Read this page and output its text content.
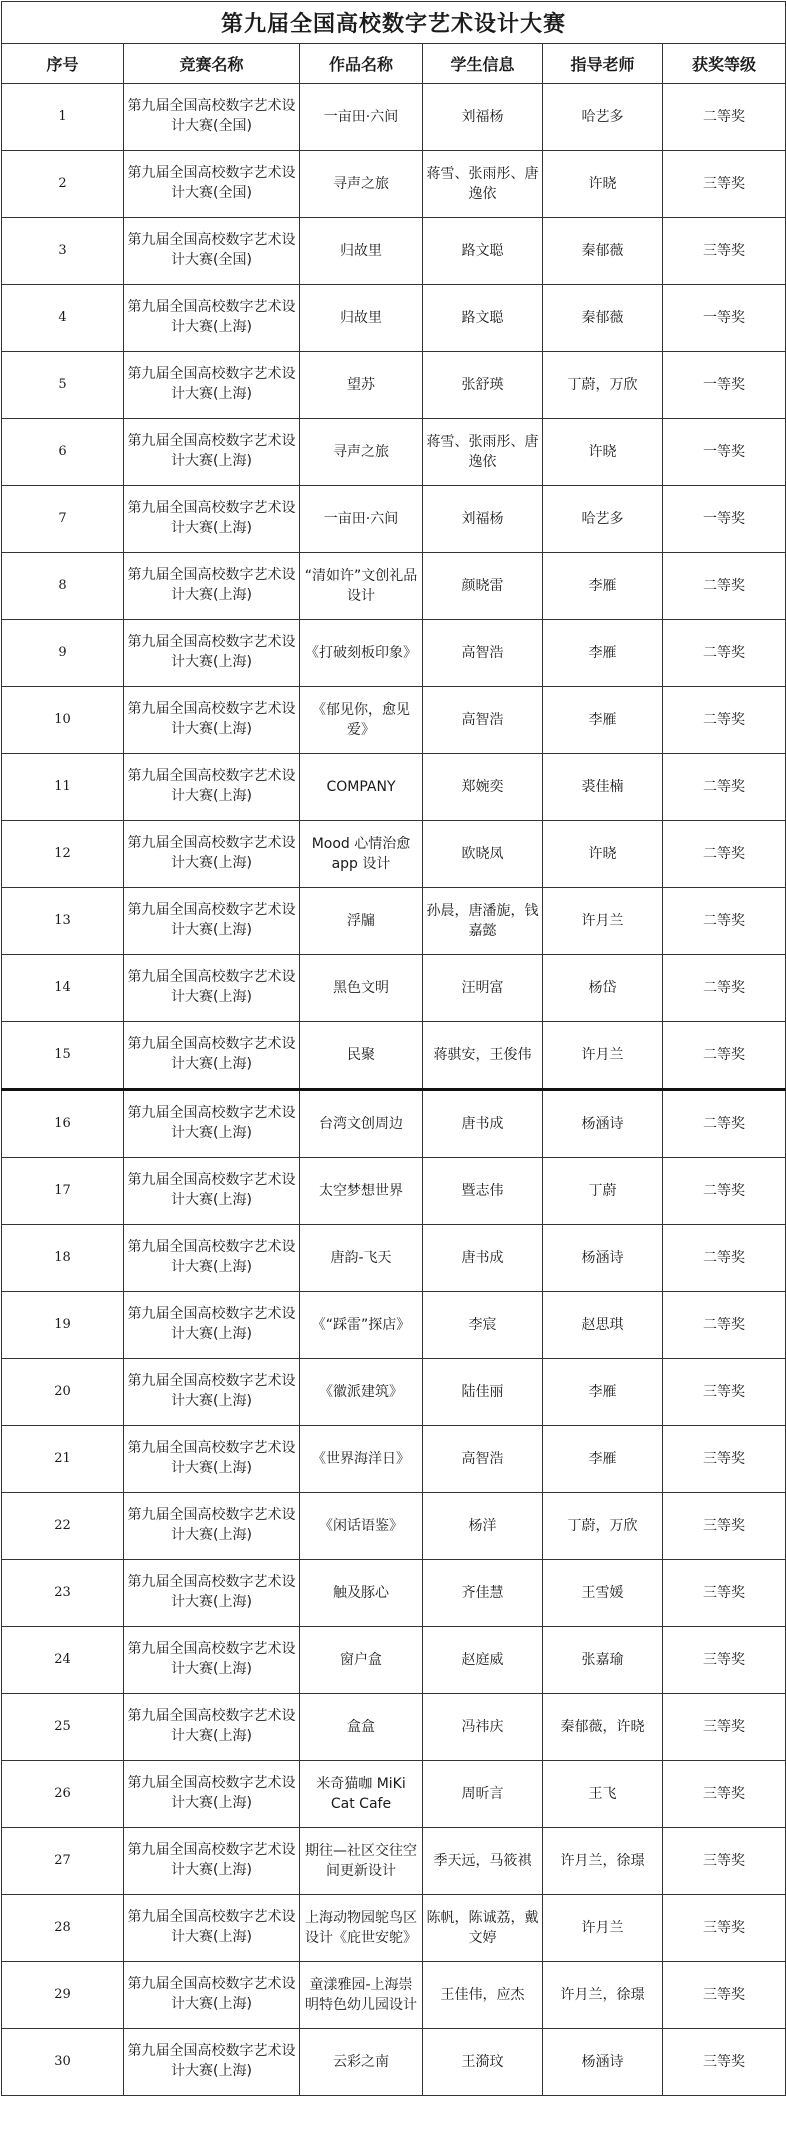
第九届全国高校数字艺术设计大赛					
序号	竞赛名称	作品名称	学生信息	指导老师	获奖等级
1	第九届全国高校数字艺术设计大赛(全国)	一亩田·六间	刘福杨	哈艺多	二等奖
2	第九届全国高校数字艺术设计大赛(全国)	寻声之旅	蒋雪、张雨彤、唐逸依	许晓	三等奖
3	第九届全国高校数字艺术设计大赛(全国)	归故里	路文聪	秦郁薇	三等奖
4	第九届全国高校数字艺术设计大赛(上海)	归故里	路文聪	秦郁薇	一等奖
5	第九届全国高校数字艺术设计大赛(上海)	望苏	张舒瑛	丁蔚，万欣	一等奖
6	第九届全国高校数字艺术设计大赛(上海)	寻声之旅	蒋雪、张雨彤、唐逸依	许晓	一等奖
7	第九届全国高校数字艺术设计大赛(上海)	一亩田·六间	刘福杨	哈艺多	一等奖
8	第九届全国高校数字艺术设计大赛(上海)	“清如许”文创礼品设计	颜晓雷	李雁	二等奖
9	第九届全国高校数字艺术设计大赛(上海)	《打破刻板印象》	高智浩	李雁	二等奖
10	第九届全国高校数字艺术设计大赛(上海)	《郁见你，愈见爱》	高智浩	李雁	二等奖
11	第九届全国高校数字艺术设计大赛(上海)	COMPANY	郑婉奕	裘佳楠	二等奖
12	第九届全国高校数字艺术设计大赛(上海)	Mood 心情治愈 app 设计	欧晓凤	许晓	二等奖
13	第九届全国高校数字艺术设计大赛(上海)	浮牖	孙晨，唐潘旎，钱嘉懿	许月兰	二等奖
14	第九届全国高校数字艺术设计大赛(上海)	黑色文明	汪明富	杨岱	二等奖
15	第九届全国高校数字艺术设计大赛(上海)	民聚	蒋骐安，王俊伟	许月兰	二等奖
16	第九届全国高校数字艺术设计大赛(上海)	台湾文创周边	唐书成	杨涵诗	二等奖
17	第九届全国高校数字艺术设计大赛(上海)	太空梦想世界	暨志伟	丁蔚	二等奖
18	第九届全国高校数字艺术设计大赛(上海)	唐韵-飞天	唐书成	杨涵诗	二等奖
19	第九届全国高校数字艺术设计大赛(上海)	《“踩雷”探店》	李宸	赵思琪	二等奖
20	第九届全国高校数字艺术设计大赛(上海)	《徽派建筑》	陆佳丽	李雁	三等奖
21	第九届全国高校数字艺术设计大赛(上海)	《世界海洋日》	高智浩	李雁	三等奖
22	第九届全国高校数字艺术设计大赛(上海)	《闲话语鉴》	杨洋	丁蔚，万欣	三等奖
23	第九届全国高校数字艺术设计大赛(上海)	触及豚心	齐佳慧	王雪媛	三等奖
24	第九届全国高校数字艺术设计大赛(上海)	窗户盒	赵庭威	张嘉瑜	三等奖
25	第九届全国高校数字艺术设计大赛(上海)	盒盒	冯祎庆	秦郁薇，许晓	三等奖
26	第九届全国高校数字艺术设计大赛(上海)	米奇猫咖 MiKi Cat Cafe	周昕言	王飞	三等奖
27	第九届全国高校数字艺术设计大赛(上海)	期往—社区交往空间更新设计	季天远，马筱祺	许月兰，徐璟	三等奖
28	第九届全国高校数字艺术设计大赛(上海)	上海动物园鸵鸟区设计《庇世安鸵》	陈帆，陈诚荔，戴文婷	许月兰	三等奖
29	第九届全国高校数字艺术设计大赛(上海)	童漾雅园-上海崇明特色幼儿园设计	王佳伟，应杰	许月兰，徐璟	三等奖
30	第九届全国高校数字艺术设计大赛(上海)	云彩之南	王漪玟	杨涵诗	三等奖
